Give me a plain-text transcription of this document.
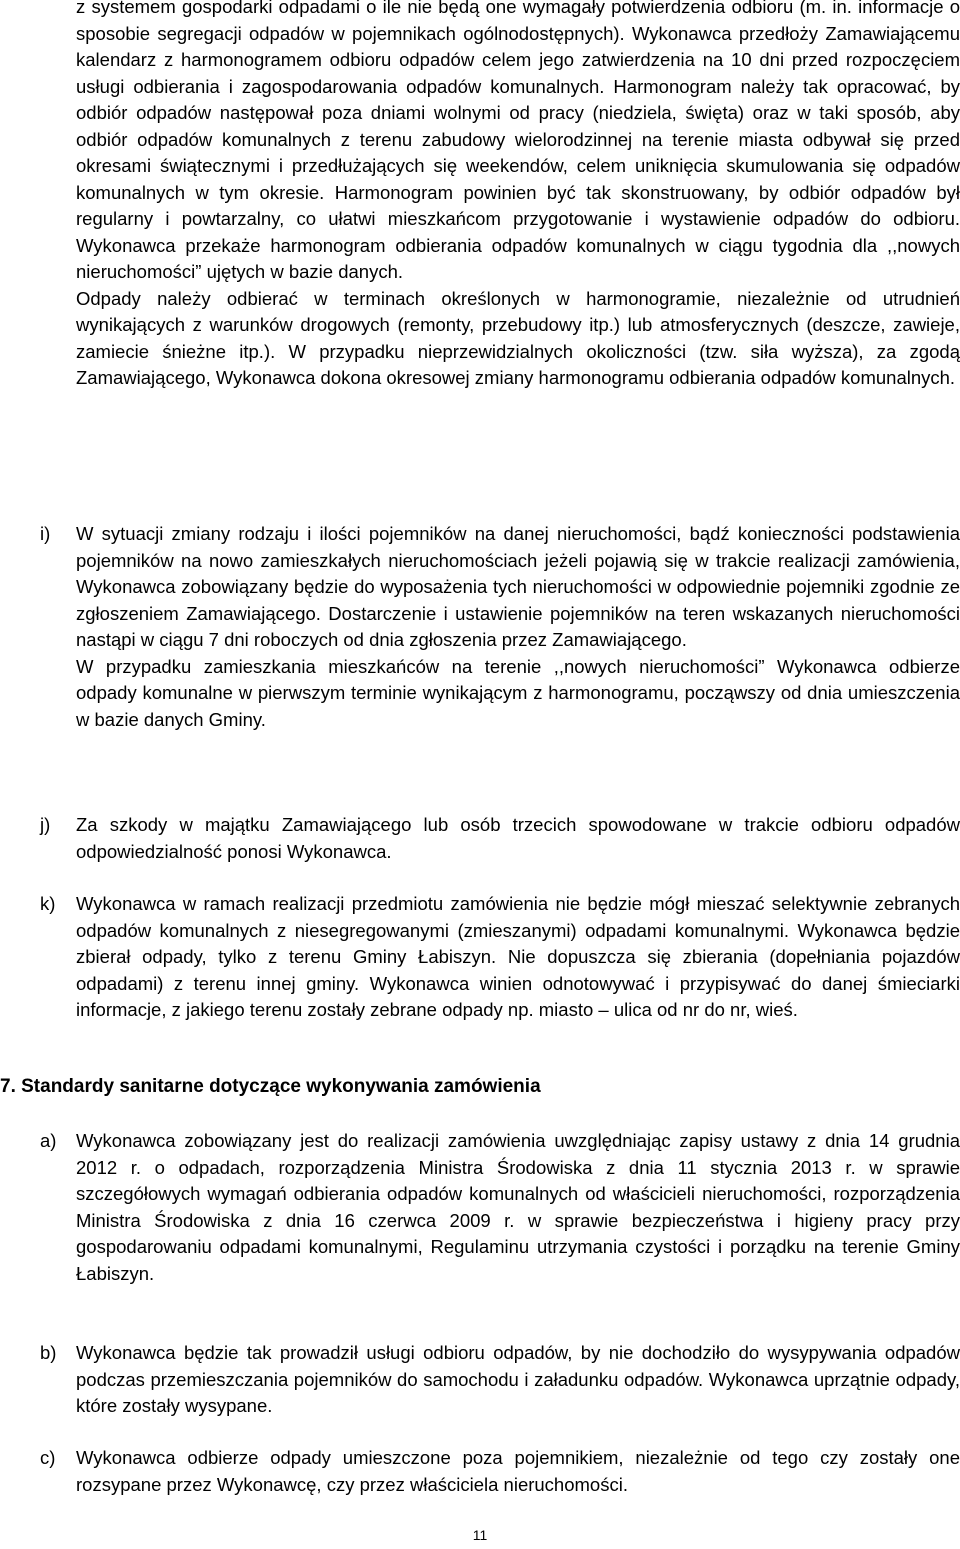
z systemem gospodarki odpadami o ile nie będą one wymagały potwierdzenia odbioru (m. in. informacje o sposobie segregacji odpadów w pojemnikach ogólnodostępnych). Wykonawca przedłoży Zamawiającemu kalendarz z harmonogramem odbioru odpadów celem jego zatwierdzenia na 10 dni przed rozpoczęciem usługi odbierania i zagospodarowania odpadów komunalnych. Harmonogram należy tak opracować, by odbiór odpadów następował poza dniami wolnymi od pracy (niedziela, święta) oraz w taki sposób, aby odbiór odpadów komunalnych z terenu zabudowy wielorodzinnej na terenie miasta odbywał się przed okresami świątecznymi i przedłużających się weekendów, celem uniknięcia skumulowania się odpadów komunalnych w tym okresie. Harmonogram powinien być tak skonstruowany, by odbiór odpadów był regularny i powtarzalny, co ułatwi mieszkańcom przygotowanie i wystawienie odpadów do odbioru. Wykonawca przekaże harmonogram odbierania odpadów komunalnych w ciągu tygodnia dla ,,nowych nieruchomości” ujętych w bazie danych.

Odpady należy odbierać w terminach określonych w harmonogramie, niezależnie od utrudnień wynikających z warunków drogowych (remonty, przebudowy itp.) lub atmosferycznych (deszcze, zawieje, zamiecie śnieżne itp.). W przypadku nieprzewidzialnych okoliczności (tzw. siła wyższa), za zgodą Zamawiającego, Wykonawca dokona okresowej zmiany harmonogramu odbierania odpadów komunalnych.

i)	W sytuacji zmiany rodzaju i ilości pojemników na danej nieruchomości, bądź konieczności podstawienia pojemników na nowo zamieszkałych nieruchomościach jeżeli pojawią się w trakcie realizacji zamówienia, Wykonawca zobowiązany będzie do wyposażenia tych nieruchomości w odpowiednie pojemniki zgodnie ze zgłoszeniem Zamawiającego. Dostarczenie i ustawienie pojemników na teren wskazanych nieruchomości nastąpi w ciągu 7 dni roboczych od dnia zgłoszenia przez Zamawiającego.

W przypadku zamieszkania mieszkańców na terenie ,,nowych nieruchomości” Wykonawca odbierze odpady komunalne w pierwszym terminie wynikającym z harmonogramu, począwszy od dnia umieszczenia w bazie danych Gminy.

j)	Za szkody w majątku Zamawiającego lub osób trzecich spowodowane w trakcie odbioru odpadów odpowiedzialność ponosi Wykonawca.

k)	Wykonawca w ramach realizacji przedmiotu zamówienia nie będzie mógł mieszać selektywnie zebranych odpadów komunalnych z niesegregowanymi (zmieszanymi) odpadami komunalnymi. Wykonawca będzie zbierał odpady, tylko z terenu Gminy Łabiszyn. Nie dopuszcza się zbierania (dopełniania pojazdów odpadami) z terenu innej gminy. Wykonawca winien odnotowywać i przypisywać do danej śmieciarki informacje, z jakiego terenu zostały zebrane odpady np. miasto – ulica od nr do nr, wieś.

7. Standardy sanitarne dotyczące wykonywania zamówienia
a)	Wykonawca zobowiązany jest do realizacji zamówienia uwzględniając zapisy ustawy z dnia 14 grudnia 2012 r. o odpadach, rozporządzenia Ministra Środowiska z dnia 11 stycznia 2013 r. w sprawie szczegółowych wymagań odbierania odpadów komunalnych od właścicieli nieruchomości, rozporządzenia Ministra Środowiska z dnia 16 czerwca 2009 r. w sprawie bezpieczeństwa i higieny pracy przy gospodarowaniu odpadami komunalnymi, Regulaminu utrzymania czystości i porządku na terenie Gminy Łabiszyn.

b)	Wykonawca będzie tak prowadził usługi odbioru odpadów, by nie dochodziło do wysypywania odpadów podczas przemieszczania pojemników do samochodu i załadunku odpadów. Wykonawca uprzątnie odpady, które zostały wysypane.

c)	Wykonawca odbierze odpady umieszczone poza pojemnikiem, niezależnie od tego czy zostały one rozsypane przez Wykonawcę, czy przez właściciela nieruchomości.

11
